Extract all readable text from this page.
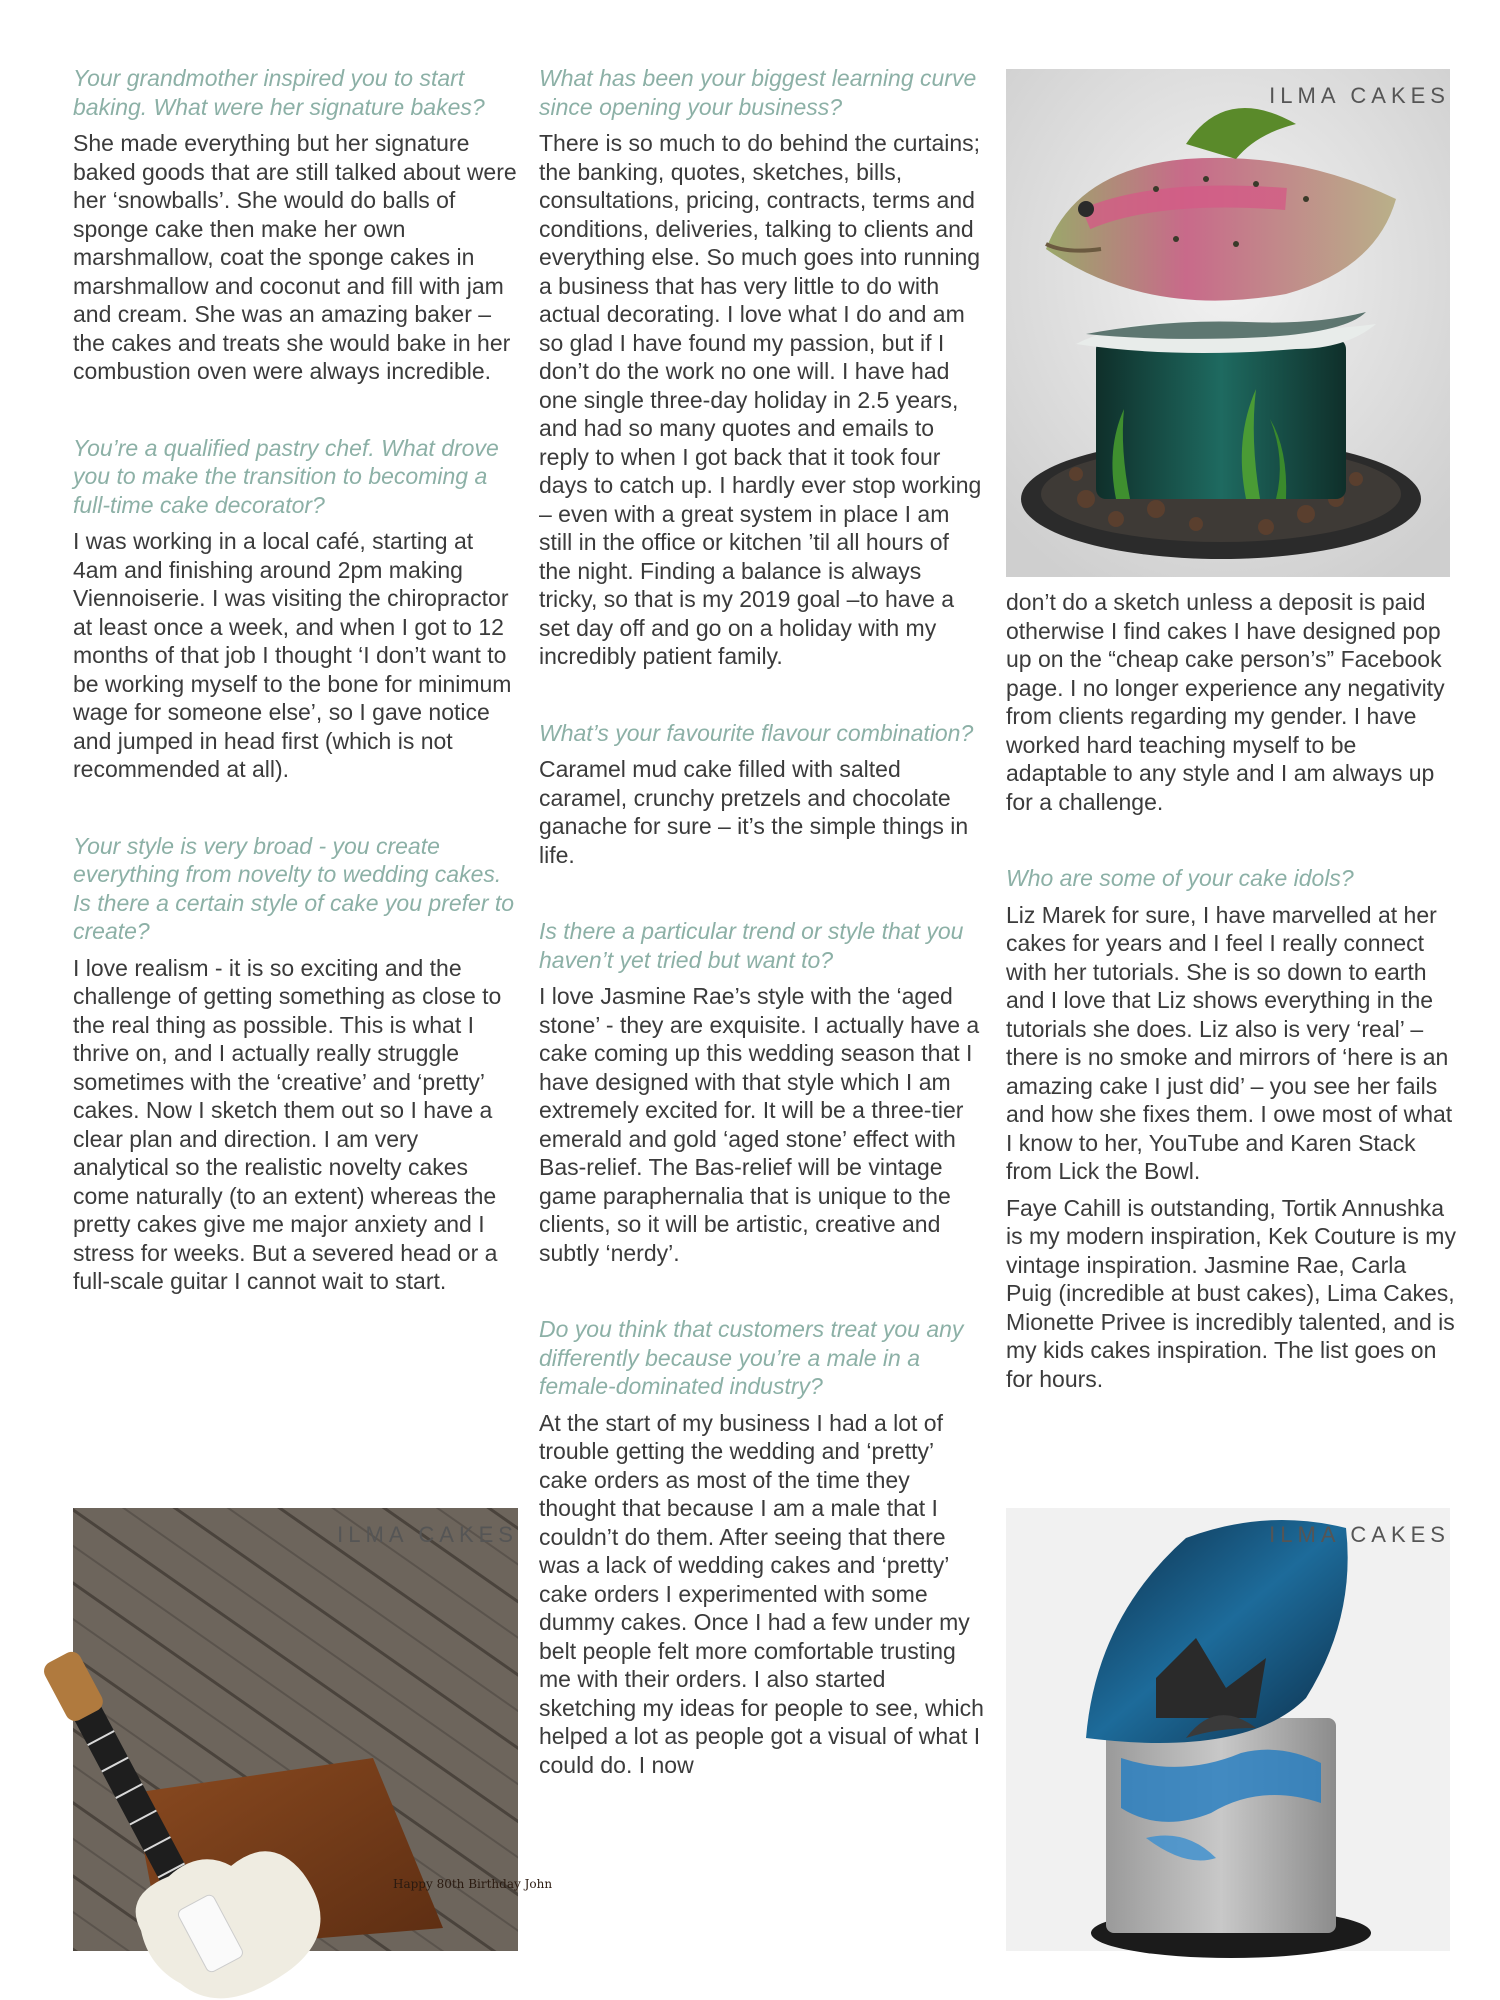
Your grandmother inspired you to start baking. What were her signature bakes?

She made everything but her signature baked goods that are still talked about were her ‘snowballs’. She would do balls of sponge cake then make her own marshmallow, coat the sponge cakes in marshmallow and coconut and fill with jam and cream. She was an amazing baker – the cakes and treats she would bake in her combustion oven were always incredible.

You’re a qualified pastry chef. What drove you to make the transition to becoming a full-time cake decorator?

I was working in a local café, starting at 4am and finishing around 2pm making Viennoiserie. I was visiting the chiropractor at least once a week, and when I got to 12 months of that job I thought ‘I don’t want to be working myself to the bone for minimum wage for someone else’, so I gave notice and jumped in head first (which is not recommended at all).

Your style is very broad - you create everything from novelty to wedding cakes. Is there a certain style of cake you prefer to create?

I love realism - it is so exciting and the challenge of getting something as close to the real thing as possible. This is what I thrive on, and I actually really struggle sometimes with the ‘creative’ and ‘pretty’ cakes. Now I sketch them out so I have a clear plan and direction. I am very analytical so the realistic novelty cakes come naturally (to an extent) whereas the pretty cakes give me major anxiety and I stress for weeks. But a severed head or a full-scale guitar I cannot wait to start.

What has been your biggest learning curve since opening your business?

There is so much to do behind the curtains; the banking, quotes, sketches, bills, consultations, pricing, contracts, terms and conditions, deliveries, talking to clients and everything else. So much goes into running a business that has very little to do with actual decorating. I love what I do and am so glad I have found my passion, but if I don’t do the work no one will. I have had one single three-day holiday in 2.5 years, and had so many quotes and emails to reply to when I got back that it took four days to catch up. I hardly ever stop working – even with a great system in place I am still in the office or kitchen ’til all hours of the night. Finding a balance is always tricky, so that is my 2019 goal –to have a set day off and go on a holiday with my incredibly patient family.

What’s your favourite flavour combination?

Caramel mud cake filled with salted caramel, crunchy pretzels and chocolate ganache for sure – it’s the simple things in life.

Is there a particular trend or style that you haven’t yet tried but want to?

I love Jasmine Rae’s style with the ‘aged stone’ - they are exquisite. I actually have a cake coming up this wedding season that I have designed with that style which I am extremely excited for. It will be a three-tier emerald and gold ‘aged stone’ effect with Bas-relief. The Bas-relief will be vintage game paraphernalia that is unique to the clients, so it will be artistic, creative and subtly ‘nerdy’.

Do you think that customers treat you any differently because you’re a male in a female-dominated industry?

At the start of my business I had a lot of trouble getting the wedding and ‘pretty’ cake orders as most of the time they thought that because I am a male that I couldn’t do them. After seeing that there was a lack of wedding cakes and ‘pretty’ cake orders I experimented with some dummy cakes. Once I had a few under my belt people felt more comfortable trusting me with their orders. I also started sketching my ideas for people to see, which helped a lot as people got a visual of what I could do. I now

don’t do a sketch unless a deposit is paid otherwise I find cakes I have designed pop up on the “cheap cake person’s” Facebook page. I no longer experience any negativity from clients regarding my gender. I have worked hard teaching myself to be adaptable to any style and I am always up for a challenge.

Who are some of your cake idols?

Liz Marek for sure, I have marvelled at her cakes for years and I feel I really connect with her tutorials. She is so down to earth and I love that Liz shows everything in the tutorials she does. Liz also is very ‘real’ – there is no smoke and mirrors of ‘here is an amazing cake I just did’ – you see her fails and how she fixes them. I owe most of what I know to her, YouTube and Karen Stack from Lick the Bowl.

Faye Cahill is outstanding, Tortik Annushka is my modern inspiration, Kek Couture is my vintage inspiration. Jasmine Rae, Carla Puig (incredible at bust cakes), Lima Cakes, Mionette Privee is incredibly talented, and is my kids cakes inspiration. The list goes on for hours.

ILMA CAKES
Happy 80th Birthday John
ILMA CAKES	ILMA CAKES
